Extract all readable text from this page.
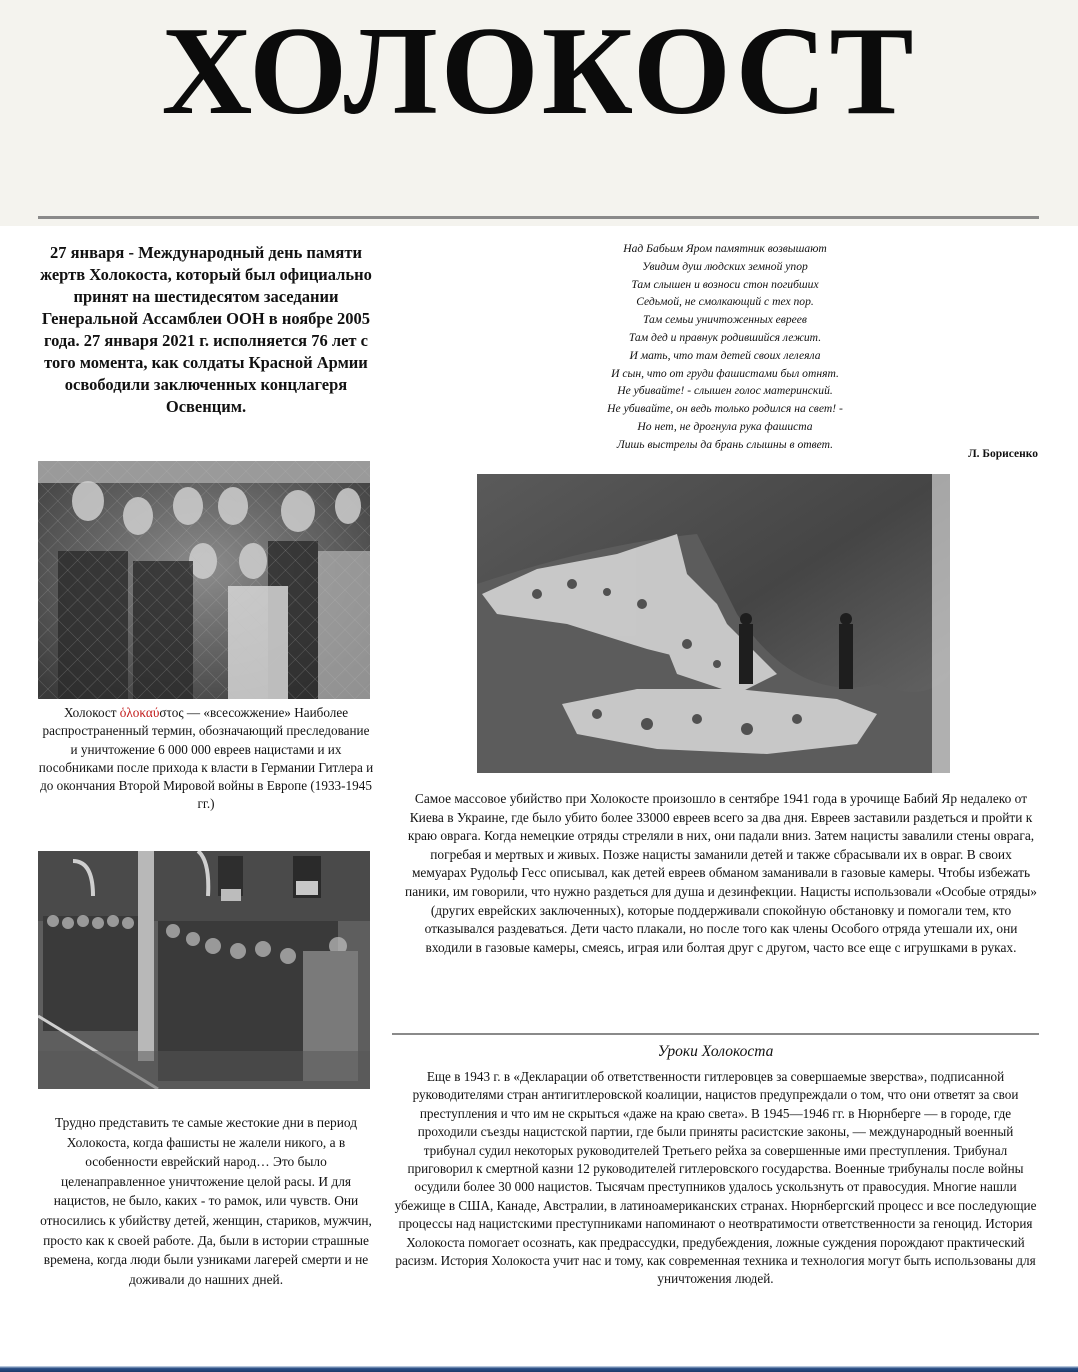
ХОЛОКОСТ
27 января - Международный день памяти жертв Холокоста, который был официально принят на шестидесятом заседании Генеральной Ассамблеи ООН в ноябре 2005 года. 27 января 2021 г. исполняется 76 лет с того момента, как солдаты Красной Армии освободили заключенных концлагеря Освенцим.
Холокост ὁλοκαύστος — «всесожжение» Наиболее распространенный термин, обозначающий преследование и уничтожение 6 000 000 евреев нацистами и их пособниками после прихода к власти в Германии Гитлера и до окончания Второй Мировой войны в Европе (1933-1945 гг.)
Трудно представить те самые жестокие дни в период Холокоста, когда фашисты не жалели никого, а в особенности еврейский народ… Это было целенаправленное уничтожение целой расы. И для нацистов, не было, каких - то рамок, или чувств. Они относились к убийству детей, женщин, стариков, мужчин, просто как к своей работе. Да, были в истории страшные времена, когда люди были узниками лагерей смерти и не доживали до нашних дней.
Над Бабьим Яром памятник возвышают
Увидим душ людских земной упор
Там слышен и возноси стон погибших
Седьмой, не смолкающий с тех пор.
Там семьи уничтоженных евреев
Там дед и правнук родившийся лежит.
И мать, что там детей своих лелеяла
И сын, что от груди фашистами был отнят.
Не убивайте! - слышен голос материнский.
Не убивайте, он ведь только родился на свет! -
Но нет, не дрогнула рука фашиста
Лишь выстрелы да брань слышны в ответ.
Л. Борисенко
Самое массовое убийство при Холокосте произошло в сентябре 1941 года в урочище Бабий Яр недалеко от Киева в Украине, где было убито более 33000 евреев всего за два дня. Евреев заставили раздеться и пройти к краю оврага. Когда немецкие отряды стреляли в них, они падали вниз. Затем нацисты завалили стены оврага, погребая и мертвых и живых. Позже нацисты заманили детей и также сбрасывали их в овраг. В своих мемуарах Рудольф Гесс описывал, как детей евреев обманом заманивали в газовые камеры. Чтобы избежать паники, им говорили, что нужно раздеться для душа и дезинфекции. Нацисты использовали «Особые отряды» (других еврейских заключенных), которые поддерживали спокойную обстановку и помогали тем, кто отказывался раздеваться. Дети часто плакали, но после того как члены Особого отряда утешали их, они входили в газовые камеры, смеясь, играя или болтая друг с другом, часто все еще с игрушками в руках.
Уроки Холокоста
Еще в 1943 г. в «Декларации об ответственности гитлеровцев за совершаемые зверства», подписанной руководителями стран антигитлеровской коалиции, нацистов предупреждали о том, что они ответят за свои преступления и что им не скрыться «даже на краю света». В 1945—1946 гг. в Нюрнберге — в городе, где проходили съезды нацистской партии, где были приняты расистские законы, — международный военный трибунал судил некоторых руководителей Третьего рейха за совершенные ими преступления. Трибунал приговорил к смертной казни 12 руководителей гитлеровского государства. Военные трибуналы после войны осудили более 30 000 нацистов. Тысячам преступников удалось ускользнуть от правосудия. Многие нашли убежище в США, Канаде, Австралии, в латиноамериканских странах. Нюрнбергский процесс и все последующие процессы над нацистскими преступниками напоминают о неотвратимости ответственности за геноцид. История Холокоста помогает осознать, как предрассудки, предубеждения, ложные суждения порождают практический расизм. История Холокоста учит нас и тому, как современная техника и технология могут быть использованы для уничтожения людей.
